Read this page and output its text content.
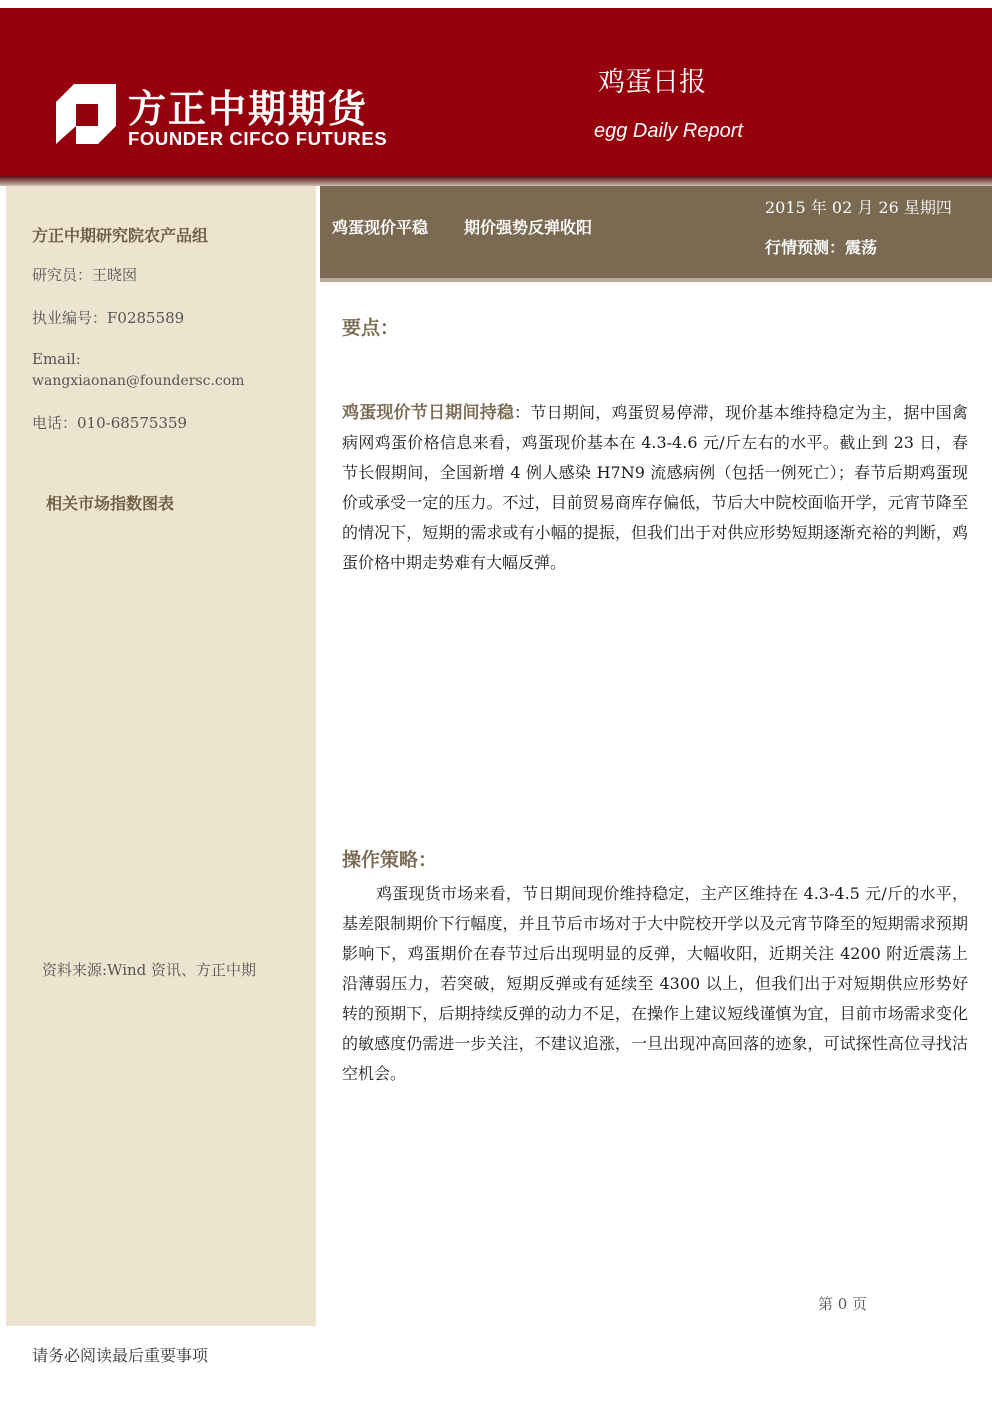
方正中期期货
FOUNDER CIFCO FUTURES
鸡蛋日报
egg Daily Report
方正中期研究院农产品组
研究员：王晓囡
执业编号：F0285589
Email:
wangxiaonan@foundersc.com
电话：010-68575359
相关市场指数图表
资料来源:Wind 资讯、方正中期
鸡蛋现价平稳 期价强势反弹收阳
2015 年 02 月 26 星期四
行情预测：震荡
要点：
鸡蛋现价节日期间持稳：节日期间，鸡蛋贸易停滞，现价基本维持稳定为主，据中国禽病网鸡蛋价格信息来看，鸡蛋现价基本在 4.3-4.6 元/斤左右的水平。截止到 23 日，春节长假期间，全国新增 4 例人感染 H7N9 流感病例（包括一例死亡）；春节后期鸡蛋现价或承受一定的压力。不过，目前贸易商库存偏低，节后大中院校面临开学，元宵节降至的情况下，短期的需求或有小幅的提振，但我们出于对供应形势短期逐渐充裕的判断，鸡蛋价格中期走势难有大幅反弹。
操作策略：
鸡蛋现货市场来看，节日期间现价维持稳定，主产区维持在 4.3-4.5 元/斤的水平，基差限制期价下行幅度，并且节后市场对于大中院校开学以及元宵节降至的短期需求预期影响下，鸡蛋期价在春节过后出现明显的反弹，大幅收阳，近期关注 4200 附近震荡上沿薄弱压力，若突破，短期反弹或有延续至 4300 以上，但我们出于对短期供应形势好转的预期下，后期持续反弹的动力不足，在操作上建议短线谨慎为宜，目前市场需求变化的敏感度仍需进一步关注，不建议追涨，一旦出现冲高回落的迹象，可试探性高位寻找沽空机会。
第 0 页
请务必阅读最后重要事项
